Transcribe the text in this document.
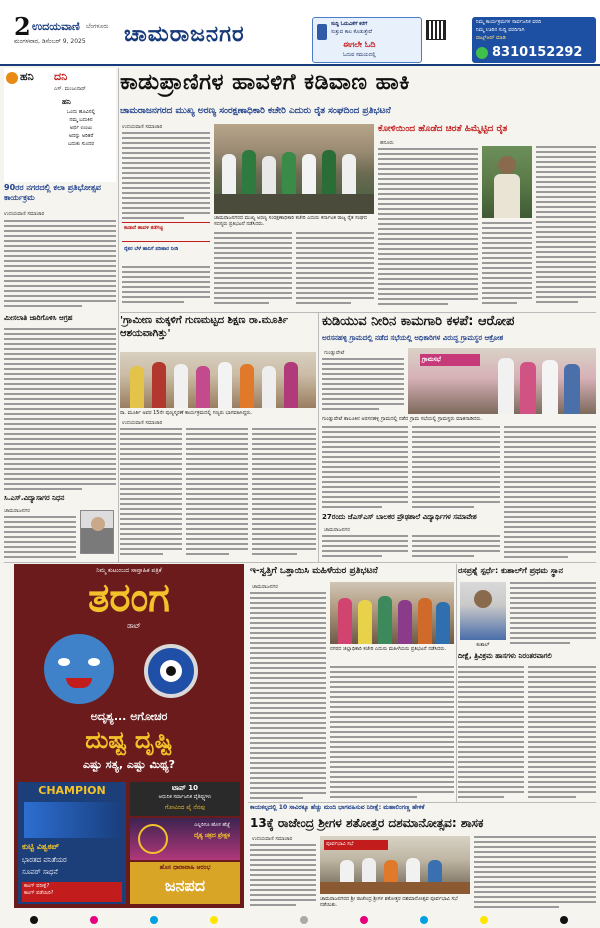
2 ಉದಯವಾಣಿ ಬೆಂಗಳೂರು
ಮಂಗಳವಾರ, ಡಿಸೆಂಬರ್ 9, 2025 ಚಾಮರಾಜನಗರ	ಸುದ್ದಿ ಓದುವಿಕೆಗೆ ಕರೆಗೆ
ಸುತ್ತುವ ಕಾಲ ಕೊಡುತ್ತೇವೆ
ಈಗಲೇ ಓದಿ
ಓದುವ ಸಮಯದಲ್ಲಿ
ನಿಮ್ಮ ಕಾರ್ಯಕ್ರಮಗಳ ಸಾರ್ವಜನಿಕ ವರದಿ
ನಿಮ್ಮ ಊರಿನ ಸುದ್ದಿ ವರದಿಗಾಗಿ
ವಾಟ್ಸ್ಆಪ್ ಮಾಡಿ
8310152292
ಹನಿ ದನಿ
ಎಸ್. ಮಂಜುನಾಥ್
ಹನಿ
ಒಂದು ಹೂವಿನಲ್ಲಿ
ನಮ್ಮ ಬದುಕಿನ
ಅರ್ಥ ಉಂಟು
ಅದನ್ನು ಅರಿತರೆ
ಬದುಕು ಸುಂದರ
90ರರ ನಗರದಲ್ಲಿ ಕಲಾ ಪ್ರತಿಭೋತ್ಸವ ಕಾರ್ಯಕ್ರಮ
ಉದಯವಾಣಿ ಸಮಾಚಾರ
ಮೀಸಲಾತಿ ಜಾರಿಗೊಳಿಸಿ ಆಗ್ರಹ
ಸಿ.ಎಸ್.ವಿದ್ಯಾಸಾಗರ ನಿಧನ
ಚಾಮರಾಜನಗರ
ಕಾಡುಪ್ರಾಣಿಗಳ ಹಾವಳಿಗೆ ಕಡಿವಾಣ ಹಾಕಿ
ಚಾಮರಾಜನಗರದ ಮುಖ್ಯ ಅರಣ್ಯ ಸಂರಕ್ಷಣಾಧಿಕಾರಿ ಕಚೇರಿ ಎದುರು ರೈತ ಸಂಘದಿಂದ ಪ್ರತಿಭಟನೆ
ಉದಯವಾಣಿ ಸಮಾಚಾರ
ಕಾಡಾನೆ ಹಾವಳಿ ತಡೆಗಟ್ಟಿ
ರೈತರ ಬೆಳೆ ಹಾನಿಗೆ ಪರಿಹಾರ ನೀಡಿ
ಚಾಮರಾಜನಗರದ ಮುಖ್ಯ ಅರಣ್ಯ ಸಂರಕ್ಷಣಾಧಿಕಾರಿ ಕಚೇರಿ ಎದುರು ಕರ್ನಾಟಕ ರಾಜ್ಯ ರೈತ ಸಂಘದ ಸದಸ್ಯರು ಪ್ರತಿಭಟನೆ ನಡೆಸಿದರು.
ಕೋಳಿಯಿಂದ ಹೊಡೆದ ಚಿರತೆ ಹಿಮ್ಮೆಟ್ಟಿದ ರೈತ
ಹನೂರು
'ಗ್ರಾಮೀಣ ಮಕ್ಕಳಿಗೆ ಗುಣಮಟ್ಟದ ಶಿಕ್ಷಣ ರಾ.ಮೂರ್ತಿ ಆಶಯವಾಗಿತ್ತು'
ರಾ. ಮೂರ್ತಿ ಅವರ 15ನೇ ಪುಣ್ಯಸ್ಮರಣೆ ಕಾರ್ಯಕ್ರಮದಲ್ಲಿ ಗಣ್ಯರು ಭಾಗವಹಿಸಿದ್ದರು.
ಉದಯವಾಣಿ ಸಮಾಚಾರ
ಕುಡಿಯುವ ನೀರಿನ ಕಾಮಗಾರಿ ಕಳಪೆ: ಆರೋಪ
ಅರಸನಹಳ್ಳಿ ಗ್ರಾಮದಲ್ಲಿ ನಡೆದ ಸಭೆಯಲ್ಲಿ ಅಧಿಕಾರಿಗಳ ವಿರುದ್ಧ ಗ್ರಾಮಸ್ಥರ ಆಕ್ರೋಶ
ಗುಂಡ್ಲುಪೇಟೆ
ಗ್ರಾಮಸಭೆ
ಗುಂಡ್ಲುಪೇಟೆ ತಾಲೂಕಿನ ಅರಸನಹಳ್ಳಿ ಗ್ರಾಮದಲ್ಲಿ ನಡೆದ ಗ್ರಾಮ ಸಭೆಯಲ್ಲಿ ಗ್ರಾಮಸ್ಥರು ಮಾತನಾಡಿದರು.
27ರಂದು ಜೆಎಸ್‌ಎಸ್ ಬಾಲಕರ ಪ್ರೌಢಶಾಲೆ ವಿದ್ಯಾರ್ಥಿಗಳ ಸಮಾವೇಶ
ಚಾಮರಾಜನಗರ
ನಿಮ್ಮ ಕುಟುಂಬದ ಸಾಪ್ತಾಹಿಕ ಪತ್ರಿಕೆ
ತರಂಗ
ಡಾಟ್
ಅದೃಶ್ಯ... ಅಗೋಚರ
ದುಷ್ಟ ದೃಷ್ಟಿ
ಎಷ್ಟು ಸತ್ಯ, ಎಷ್ಟು ಮಿಥ್ಯ?
CHAMPION
ಕುಟ್ಟಿ ವಿಶ್ವಕಪ್
ಭಾರತದ ವನಿತೆಯರ
ಸೂಪರ್ ಸಾಧನೆ
ಕಾಂಗ್ ಪರೀಕ್ಷೆ?
ಕಾಂಗ್ ಪಡೆಯಿರಿ?
ಟಾಪ್ 10
ಆಧುನಿಕ ಸರ್ವಾಜನಿಕ ವೈಶಿಷ್ಟ್ಯಗಳು
ಗೋವಿಂದ ಪೈ ನೆನಪು
ಎಲ್ಲರಿಗೂ ಹೊಸ ಹೆಜ್ಜೆ
ದೈತ್ಯ ಚಕ್ರದ ಪ್ರೇಕ್ಷಕ
ಹೊಸ ಧಾರಾವಾಹಿ ಆರಂಭ
ಜನಪದ
ಇ-ಸ್ವತ್ತಿಗೆ ಒತ್ತಾಯಿಸಿ ಮಹಿಳೆಯರ ಪ್ರತಿಭಟನೆ
ಚಾಮರಾಜನಗರ
ನಗರದ ಜಿಲ್ಲಾಧಿಕಾರಿ ಕಚೇರಿ ಎದುರು ಮಹಿಳೆಯರು ಪ್ರತಿಭಟನೆ ನಡೆಸಿದರು.
ರಸಪ್ರಶ್ನೆ ಸ್ಪರ್ಧೆ: ಕುಶಾಲ್‌ಗೆ ಪ್ರಥಮ ಸ್ಥಾನ
ಕುಶಾಲ್
ದೀಕ್ಷೆ, ತ್ರಿವಿಕ್ರಮ ಹಾಸಗಳು ನಿರಂತರವಾಗಲಿ
ಕಾಯಕಲ್ಪದಲ್ಲಿ 10 ಸಾವಿರಕ್ಕೂ ಹೆಚ್ಚು ಮಂದಿ ಭಾಗವಹಿಸುವ ನಿರೀಕ್ಷೆ: ಮಹಾಲಿಂಗಣ್ಣ ಹೇಳಿಕೆ
13ಕ್ಕೆ ರಾಜೇಂದ್ರ ಶ್ರೀಗಳ ಶತೋತ್ತರ ದಶಮಾನೋತ್ಸವ: ಶಾಸಕ
ಉದಯವಾಣಿ ಸಮಾಚಾರ
ಪೂರ್ವಭಾವಿ ಸಭೆ
ಚಾಮರಾಜನಗರದ ಶ್ರೀ ರಾಜೇಂದ್ರ ಶ್ರೀಗಳ ಶತೋತ್ತರ ದಶಮಾನೋತ್ಸವ ಪೂರ್ವಭಾವಿ ಸಭೆ ನಡೆಯಿತು.
